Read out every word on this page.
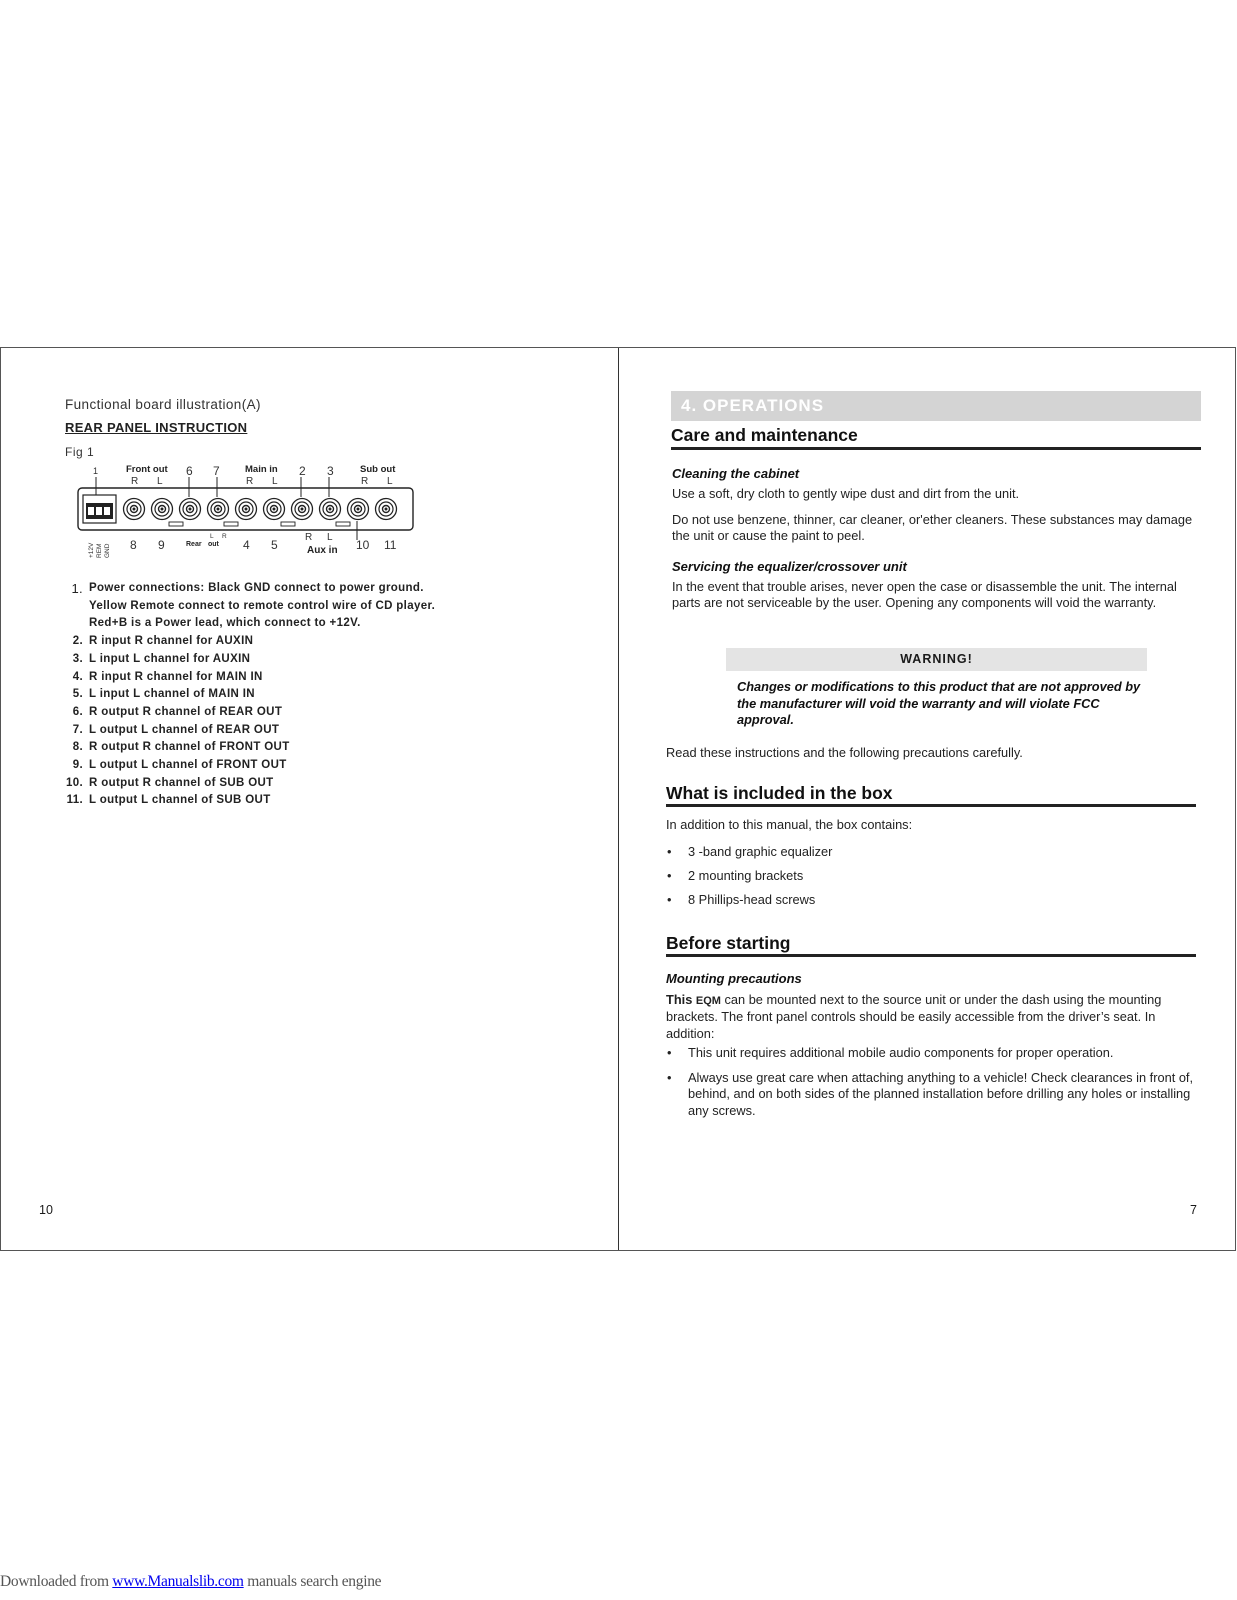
Functional board illustration(A)
REAR PANEL INSTRUCTION
Fig 1
1	Front out 6 7	Main in 2 3	Sub out
R L	R L	R L
+12V REM GND 8 9
R
L
Rear out 4 5
R L
Aux in 10 11
1. Power connections: Black GND connect to power ground.
Yellow Remote connect to remote control wire of CD player.
Red+B is a Power lead, which connect to +12V.
2. R input R channel for AUXIN
3. L input L channel for AUXIN
4. R input R channel for MAIN IN
5. L input L channel of MAIN IN
6. R output R channel of REAR OUT
7. L output L channel of REAR OUT
8. R output R channel of FRONT OUT
9. L output L channel of FRONT OUT
10. R output R channel of SUB OUT
11. L output L channel of SUB OUT
10
4. OPERATIONS
Care and maintenance
Cleaning the cabinet
Use a soft, dry cloth to gently wipe dust and dirt from the unit.
Do not use benzene, thinner, car cleaner, or'ether cleaners. These substances may damage the unit or cause the paint to peel.
Servicing the equalizer/crossover unit
In the event that trouble arises, never open the case or disassemble the unit. The internal parts are not serviceable by the user. Opening any components will void the warranty.
WARNING!
Changes or modifications to this product that are not approved by the manufacturer will void the warranty and will violate FCC approval.
Read these instructions and the following precautions carefully.
What is included in the box
In addition to this manual, the box contains:
• 3 -band graphic equalizer
• 2 mounting brackets
• 8 Phillips-head screws
Before starting
Mounting precautions
This EQM can be mounted next to the source unit or under the dash using the mounting brackets. The front panel controls should be easily accessible from the driver’s seat. In addition:
• This unit requires additional mobile audio components for proper operation.
• Always use great care when attaching anything to a vehicle! Check clearances in front of, behind, and on both sides of the planned installation before drilling any holes or installing any screws.
7
Downloaded from www.Manualslib.com manuals search engine
